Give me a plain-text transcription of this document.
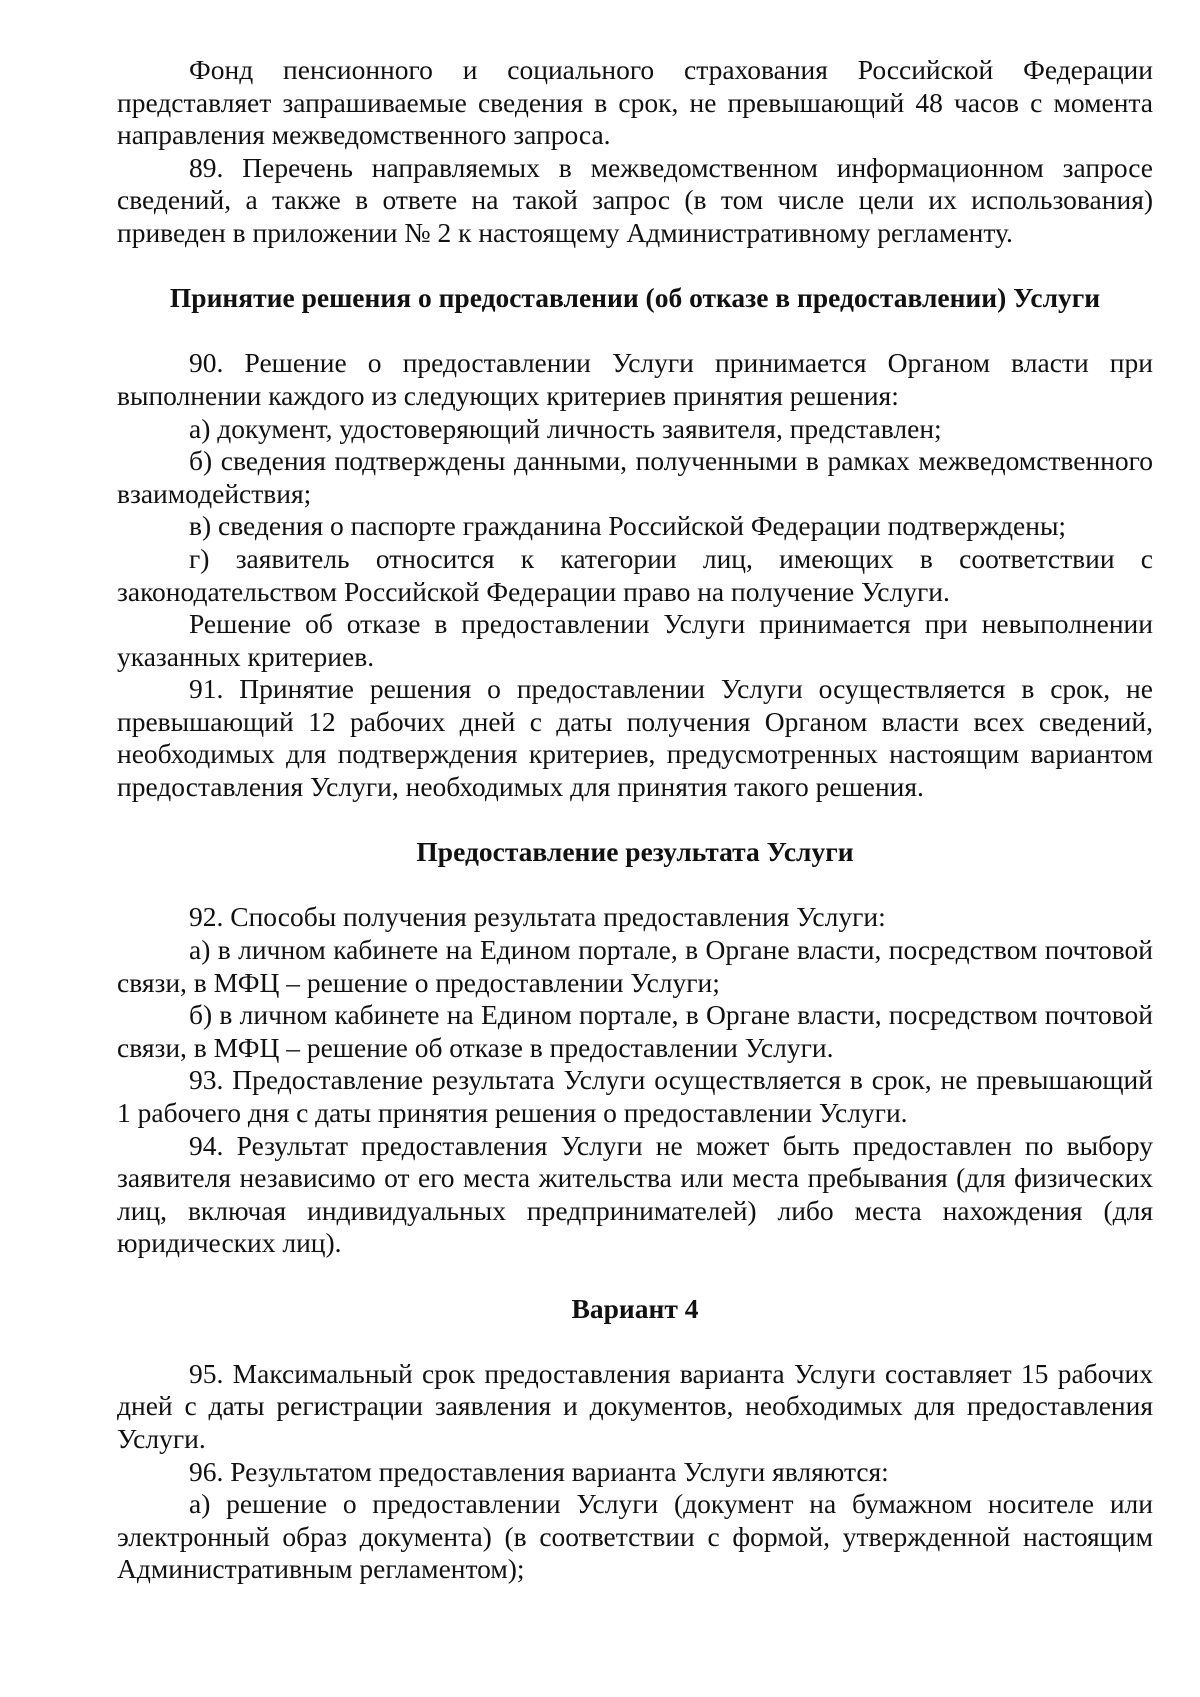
Фонд пенсионного и социального страхования Российской Федерации представляет запрашиваемые сведения в срок, не превышающий 48 часов с момента направления межведомственного запроса.

89. Перечень направляемых в межведомственном информационном запросе сведений, а также в ответе на такой запрос (в том числе цели их использования) приведен в приложении № 2 к настоящему Административному регламенту.

Принятие решения о предоставлении (об отказе в предоставлении) Услуги

90. Решение о предоставлении Услуги принимается Органом власти при выполнении каждого из следующих критериев принятия решения:

а) документ, удостоверяющий личность заявителя, представлен;

б) сведения подтверждены данными, полученными в рамках межведомственного взаимодействия;

в) сведения о паспорте гражданина Российской Федерации подтверждены;

г) заявитель относится к категории лиц, имеющих в соответствии с законодательством Российской Федерации право на получение Услуги.

Решение об отказе в предоставлении Услуги принимается при невыполнении указанных критериев.

91. Принятие решения о предоставлении Услуги осуществляется в срок, не превышающий 12 рабочих дней с даты получения Органом власти всех сведений, необходимых для подтверждения критериев, предусмотренных настоящим вариантом предоставления Услуги, необходимых для принятия такого решения.

Предоставление результата Услуги

92. Способы получения результата предоставления Услуги:

а) в личном кабинете на Едином портале, в Органе власти, посредством почтовой связи, в МФЦ – решение о предоставлении Услуги;

б) в личном кабинете на Едином портале, в Органе власти, посредством почтовой связи, в МФЦ – решение об отказе в предоставлении Услуги.

93. Предоставление результата Услуги осуществляется в срок, не превышающий 1 рабочего дня с даты принятия решения о предоставлении Услуги.

94. Результат предоставления Услуги не может быть предоставлен по выбору заявителя независимо от его места жительства или места пребывания (для физических лиц, включая индивидуальных предпринимателей) либо места нахождения (для юридических лиц).

Вариант 4

95. Максимальный срок предоставления варианта Услуги составляет 15 рабочих дней с даты регистрации заявления и документов, необходимых для предоставления Услуги.

96. Результатом предоставления варианта Услуги являются:

а) решение о предоставлении Услуги (документ на бумажном носителе или электронный образ документа) (в соответствии с формой, утвержденной настоящим Административным регламентом);
